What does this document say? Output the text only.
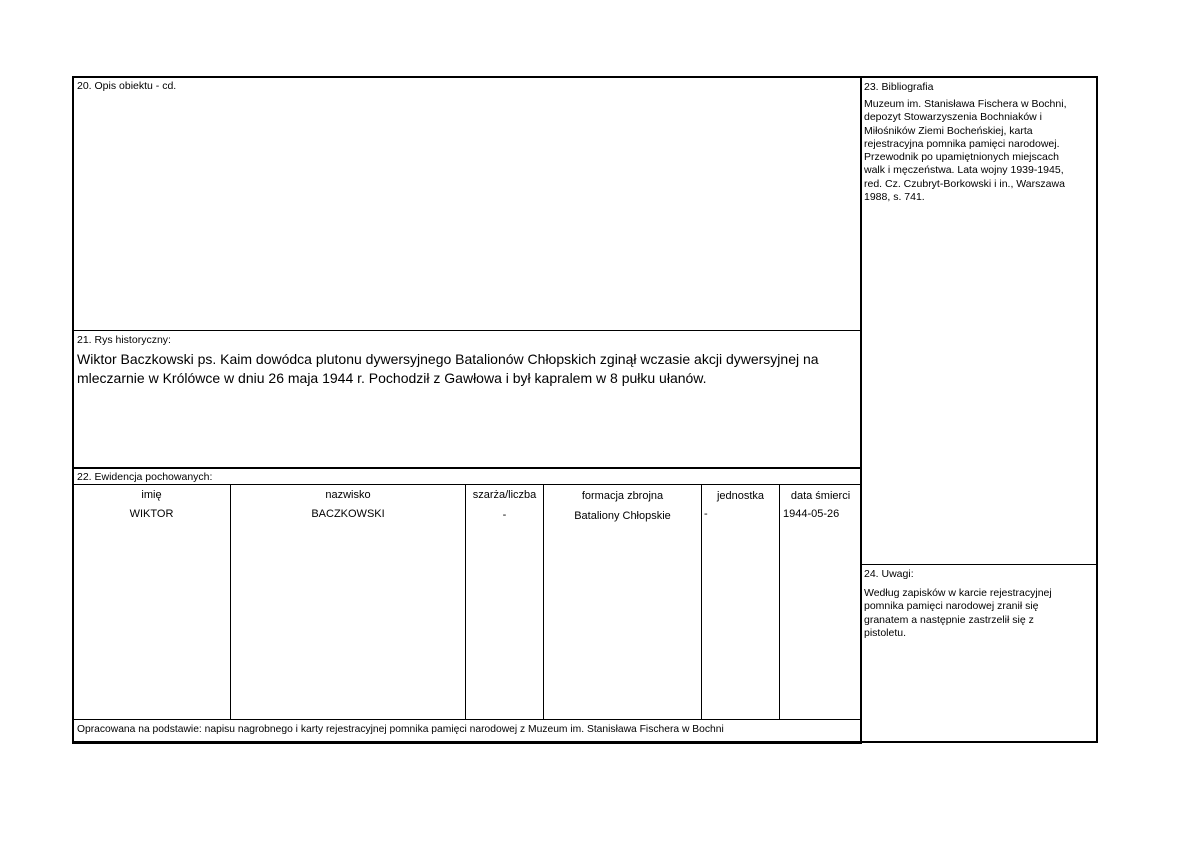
20. Opis obiektu - cd.
21. Rys historyczny:
Wiktor Baczkowski ps. Kaim dowódca plutonu dywersyjnego Batalionów Chłopskich zginął wczasie akcji dywersyjnej na
mleczarnie w Królówce w dniu 26 maja 1944 r. Pochodził z Gawłowa i był kapralem w 8 pułku ułanów.
22. Ewidencja pochowanych:
imię	nazwisko	szarża/liczba	formacja zbrojna	jednostka	data śmierci
WIKTOR	BACZKOWSKI	-	Bataliony Chłopskie	-	1944-05-26
Opracowana na podstawie: napisu nagrobnego i karty rejestracyjnej pomnika pamięci narodowej z Muzeum im. Stanisława Fischera w Bochni
23. Bibliografia
Muzeum im. Stanisława Fischera w Bochni,
depozyt Stowarzyszenia Bochniaków i
Miłośników Ziemi Bocheńskiej, karta
rejestracyjna pomnika pamięci narodowej.
Przewodnik po upamiętnionych miejscach
walk i męczeństwa. Lata wojny 1939-1945,
red. Cz. Czubryt-Borkowski i in., Warszawa
1988, s. 741.
24. Uwagi:
Według zapisków w karcie rejestracyjnej
pomnika pamięci narodowej zranił się
granatem a następnie zastrzelił się z
pistoletu.
